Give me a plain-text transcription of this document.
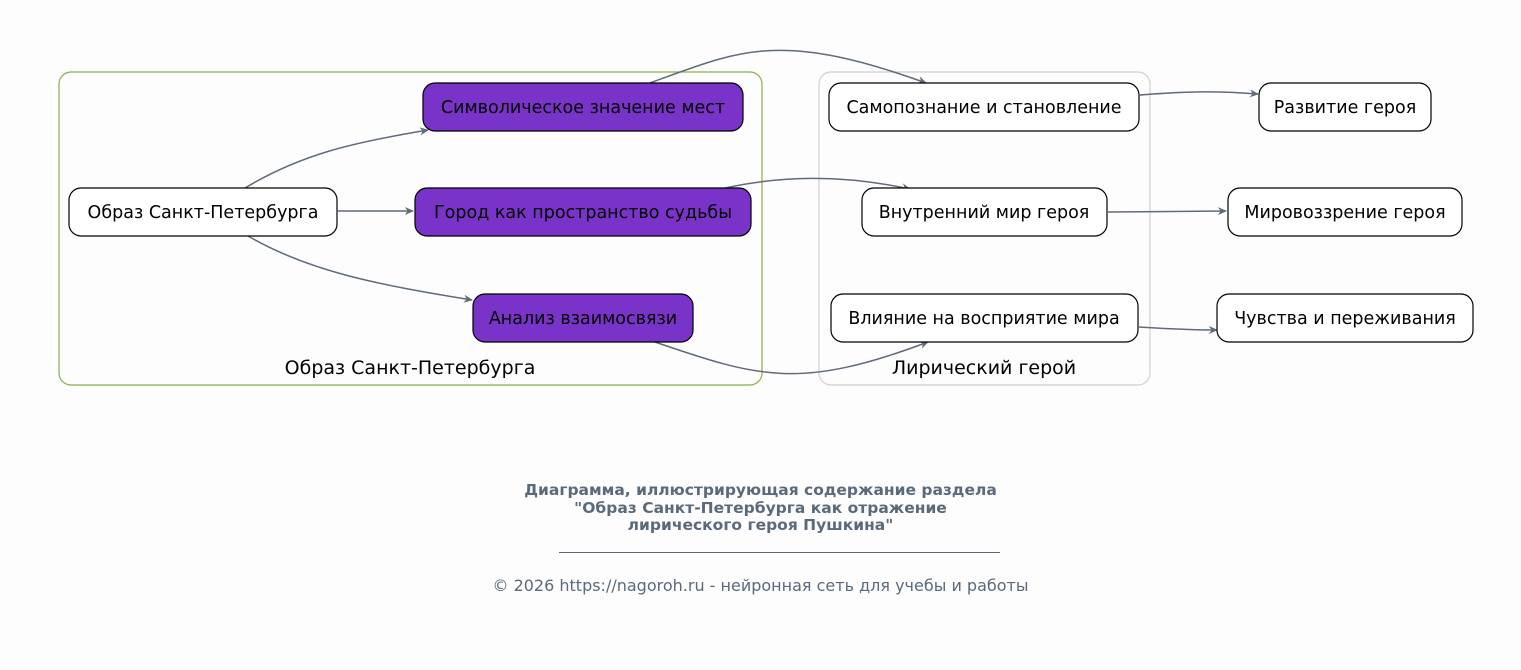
Образ Санкт-Петербурга	Лирический герой
Образ Санкт-Петербурга
Символическое значение мест
Город как пространство судьбы
Анализ взаимосвязи
Самопознание и становление
Внутренний мир героя
Влияние на восприятие мира
Развитие героя
Мировоззрение героя
Чувства и переживания
Диаграмма, иллюстрирующая содержание раздела
"Образ Санкт-Петербурга как отражение
лирического героя Пушкина"
© 2026 https://nagoroh.ru - нейронная сеть для учебы и работы
